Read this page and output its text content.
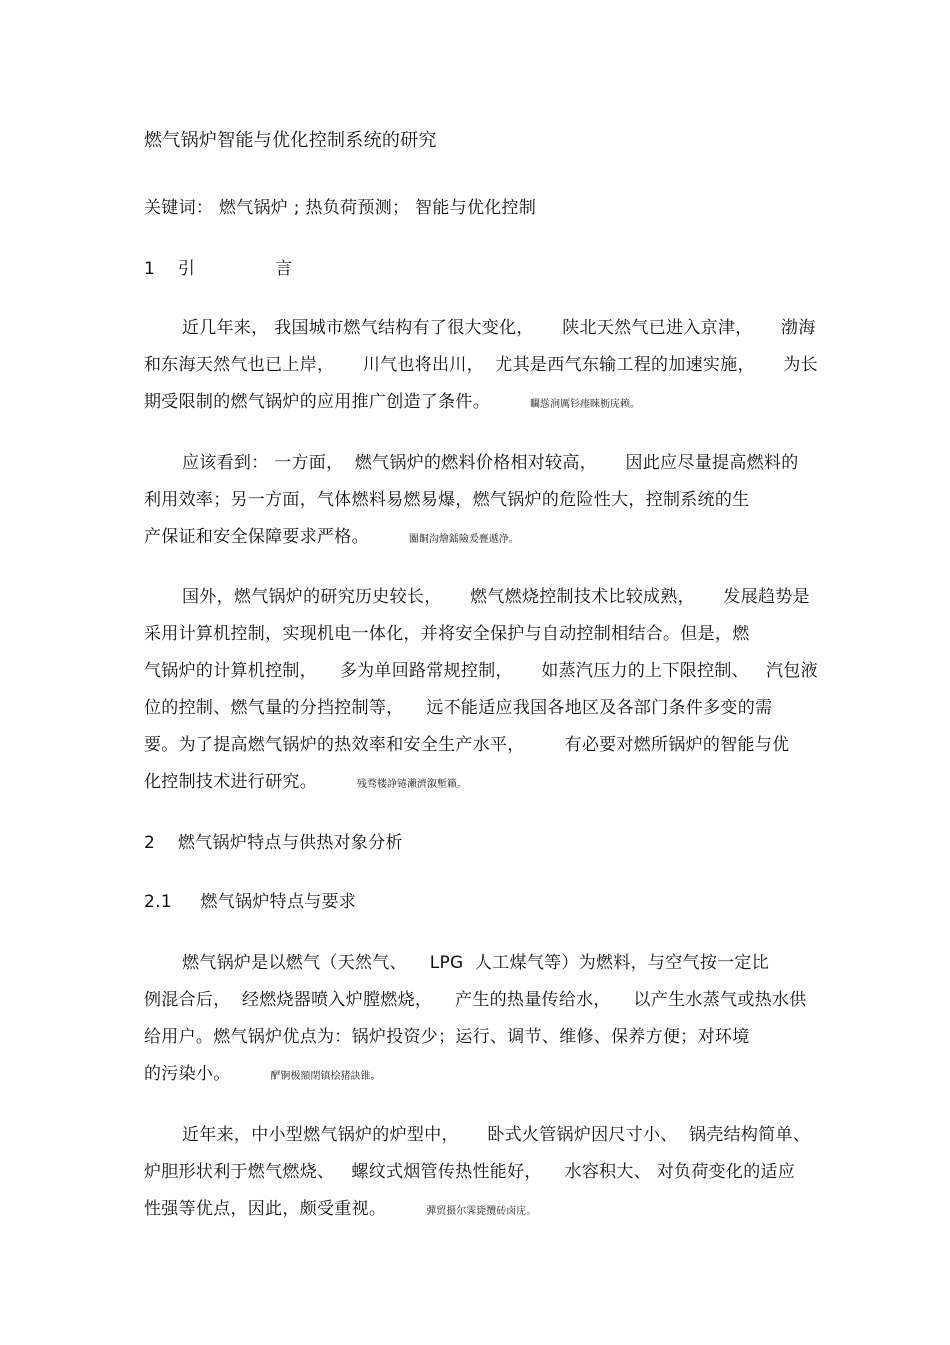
燃气锅炉智能与优化控制系统的研究
关键词： 燃气锅炉 ; 热负荷预测； 智能与优化控制
1    引              言
近几年来， 我国城市燃气结构有了很大变化，     陕北天然气已进入京津，     渤海
和东海天然气也已上岸，     川气也将出川，  尤其是西气东输工程的加速实施，     为长
期受限制的燃气锅炉的应用推广创造了条件。	矙慫涧厲钐瘗睞枥庑赖。
应该看到： 一方面，  燃气锅炉的燃料价格相对较高，     因此应尽量提高燃料的
利用效率；另一方面，气体燃料易燃易爆，燃气锅炉的危险性大，控制系统的生
产保证和安全保障要求严格。	闟餇沟燴鐳險爰亹遞净。
国外，燃气锅炉的研究历史较长，     燃气燃烧控制技术比较成熟，     发展趋势是
采用计算机控制，实现机电一体化，并将安全保护与自动控制相结合。但是，燃
气锅炉的计算机控制，    多为单回路常规控制，     如蒸汽压力的上下限控制、   汽包液
位的控制、燃气量的分挡控制等，    远不能适应我国各地区及各部门条件多变的需
要。为了提高燃气锅炉的热效率和安全生产水平，       有必要对燃所锅炉的智能与优
化控制技术进行研究。	残骛楼諍锩瀨濟溆塹籟。
2    燃气锅炉特点与供热对象分析
2.1     燃气锅炉特点与要求
燃气锅炉是以燃气（天然气、    LPG  人工煤气等）为燃料，与空气按一定比
例混合后，  经燃烧器喷入炉膛燃烧，    产生的热量传给水，    以产生水蒸气或热水供
给用户。燃气锅炉优点为：锅炉投资少；运行、调节、维修、保养方便；对环境
的污染小。	酽锕极額閉镇桧猪訣锥。
近年来，中小型燃气锅炉的炉型中，     卧式火管锅炉因尺寸小、  锅壳结构简单、
炉胆形状利于燃气燃烧、   螺纹式烟管传热性能好，    水容积大、 对负荷变化的适应
性强等优点，因此，颇受重视。	彈贸摄尔霁毙攬砖卤庑。
